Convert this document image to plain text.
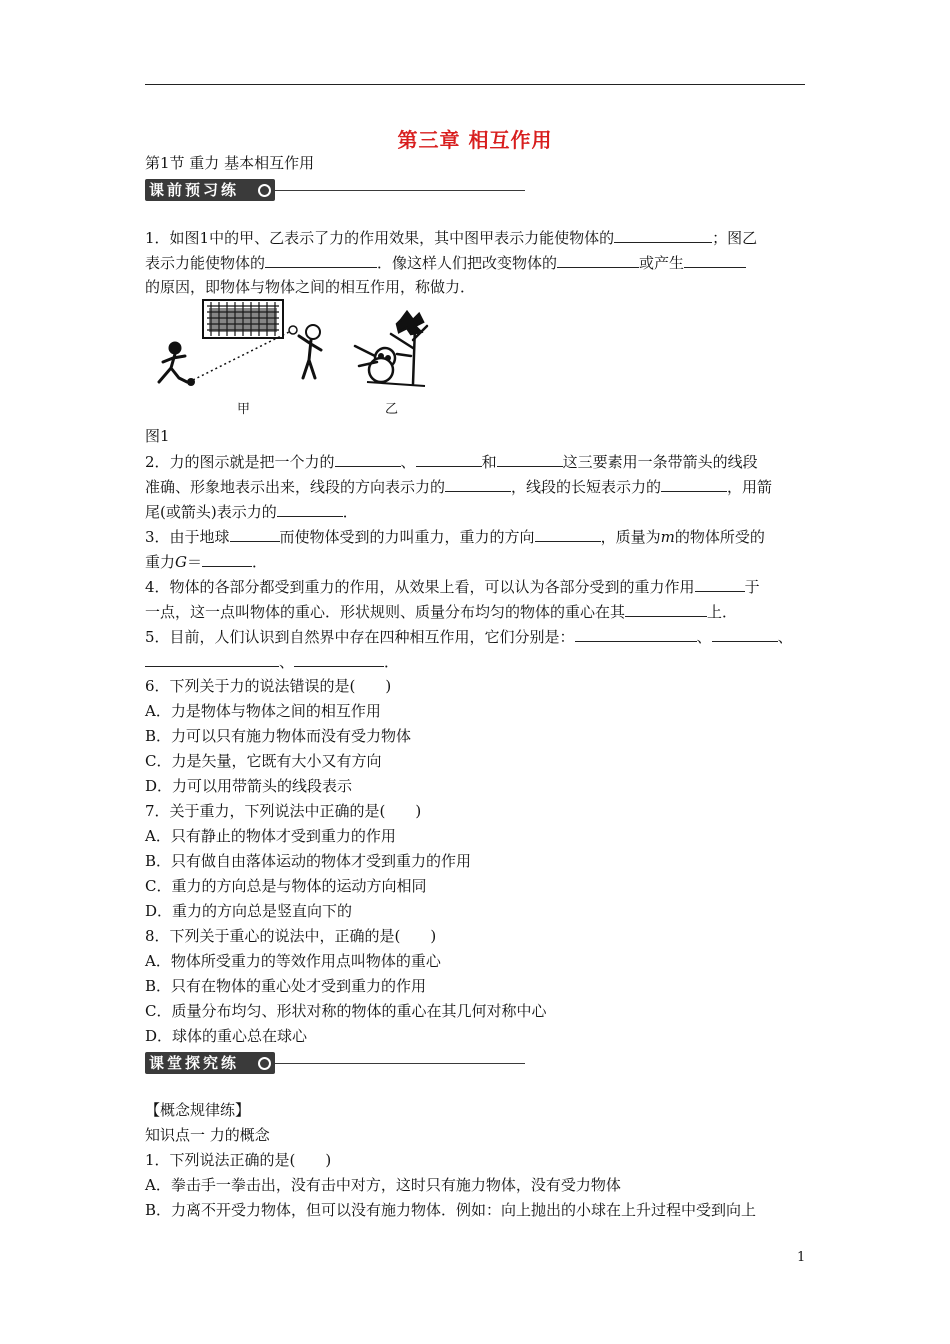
第三章 相互作用
第1节 重力 基本相互作用
课前预习练
1．如图1中的甲、乙表示了力的作用效果，其中图甲表示力能使物体的	；图乙
表示力能使物体的	．像这样人们把改变物体的	或产生
的原因，即物体与物体之间的相互作用，称做力．
甲	乙
图1
2．力的图示就是把一个力的	、	和	这三要素用一条带箭头的线段
准确、形象地表示出来，线段的方向表示力的	，线段的长短表示力的	，用箭
尾(或箭头)表示力的	．
3．由于地球	而使物体受到的力叫重力，重力的方向	，质量为m的物体所受的
重力G＝	．
4．物体的各部分都受到重力的作用，从效果上看，可以认为各部分受到的重力作用	于
一点，这一点叫物体的重心．形状规则、质量分布均匀的物体的重心在其	上．
5．目前，人们认识到自然界中存在四种相互作用，它们分别是：	、	、
、	．
6．下列关于力的说法错误的是(　　)
A．力是物体与物体之间的相互作用
B．力可以只有施力物体而没有受力物体
C．力是矢量，它既有大小又有方向
D．力可以用带箭头的线段表示
7．关于重力，下列说法中正确的是(　　)
A．只有静止的物体才受到重力的作用
B．只有做自由落体运动的物体才受到重力的作用
C．重力的方向总是与物体的运动方向相同
D．重力的方向总是竖直向下的
8．下列关于重心的说法中，正确的是(　　)
A．物体所受重力的等效作用点叫物体的重心
B．只有在物体的重心处才受到重力的作用
C．质量分布均匀、形状对称的物体的重心在其几何对称中心
D．球体的重心总在球心
课堂探究练
【概念规律练】
知识点一 力的概念
1．下列说法正确的是(　　)
A．拳击手一拳击出，没有击中对方，这时只有施力物体，没有受力物体
B．力离不开受力物体，但可以没有施力物体．例如：向上抛出的小球在上升过程中受到向上
1
